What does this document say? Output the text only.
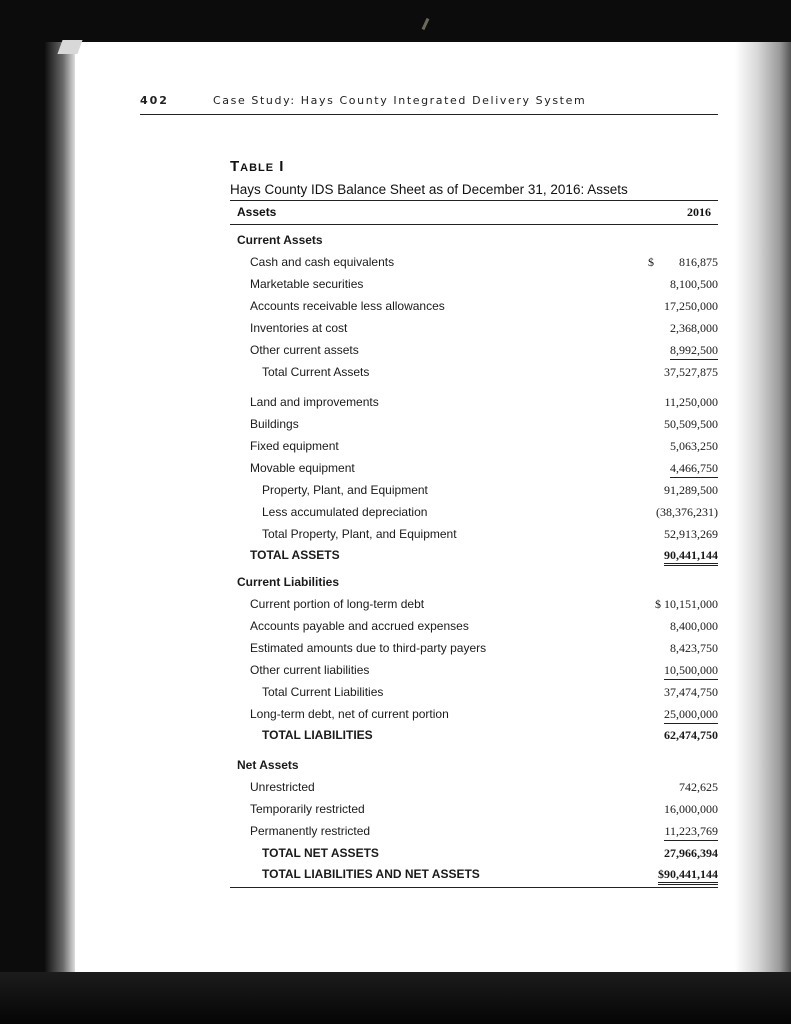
402	Case Study: Hays County Integrated Delivery System
Table I
Hays County IDS Balance Sheet as of December 31, 2016: Assets
Assets	2016
Current Assets
Cash and cash equivalents	$ 816,875
Marketable securities	8,100,500
Accounts receivable less allowances	17,250,000
Inventories at cost	2,368,000
Other current assets	8,992,500
Total Current Assets	37,527,875
Land and improvements	11,250,000
Buildings	50,509,500
Fixed equipment	5,063,250
Movable equipment	4,466,750
Property, Plant, and Equipment	91,289,500
Less accumulated depreciation	(38,376,231)
Total Property, Plant, and Equipment	52,913,269
TOTAL ASSETS	90,441,144
Current Liabilities
Current portion of long-term debt	$ 10,151,000
Accounts payable and accrued expenses	8,400,000
Estimated amounts due to third-party payers	8,423,750
Other current liabilities	10,500,000
Total Current Liabilities	37,474,750
Long-term debt, net of current portion	25,000,000
TOTAL LIABILITIES	62,474,750
Net Assets
Unrestricted	742,625
Temporarily restricted	16,000,000
Permanently restricted	11,223,769
TOTAL NET ASSETS	27,966,394
TOTAL LIABILITIES AND NET ASSETS	$90,441,144
